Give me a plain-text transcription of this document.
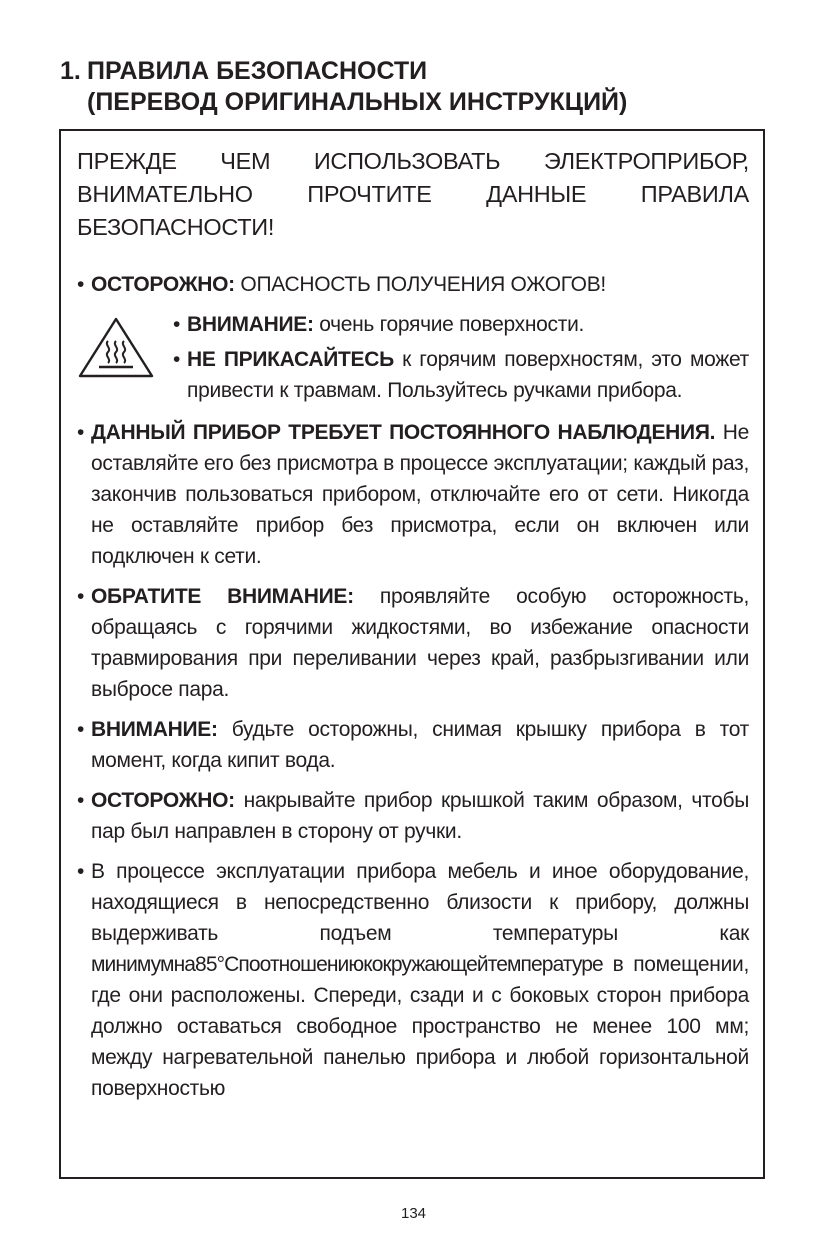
1. ПРАВИЛА БЕЗОПАСНОСТИ
(ПЕРЕВОД ОРИГИНАЛЬНЫХ ИНСТРУКЦИЙ)
ПРЕЖДЕ ЧЕМ ИСПОЛЬЗОВАТЬ ЭЛЕКТРОПРИБОР, ВНИМАТЕЛЬНО ПРОЧТИТЕ ДАННЫЕ ПРАВИЛА БЕЗОПАСНОСТИ!
• ОСТОРОЖНО: ОПАСНОСТЬ ПОЛУЧЕНИЯ ОЖОГОВ!
• ВНИМАНИЕ: очень горячие поверхности.
• НЕ ПРИКАСАЙТЕСЬ к горячим поверхностям, это может привести к травмам. Пользуйтесь ручками прибора.
• ДАННЫЙ ПРИБОР ТРЕБУЕТ ПОСТОЯННОГО НАБЛЮДЕНИЯ. Не оставляйте его без присмотра в процессе эксплуатации; каждый раз, закончив пользоваться прибором, отключайте его от сети. Никогда не оставляйте прибор без присмотра, если он включен или подключен к сети.
• ОБРАТИТЕ ВНИМАНИЕ: проявляйте особую осторожность, обращаясь с горячими жидкостями, во избежание опасности травмирования при переливании через край, разбрызгивании или выбросе пара.
• ВНИМАНИЕ: будьте осторожны, снимая крышку прибора в тот момент, когда кипит вода.
• ОСТОРОЖНО: накрывайте прибор крышкой таким образом, чтобы пар был направлен в сторону от ручки.
• В процессе эксплуатации прибора мебель и иное оборудование, находящиеся в непосредственно близости к прибору, должны выдерживать подъем температуры как минимумна85°Споотношениюкокружающейтемпературе в помещении, где они расположены. Спереди, сзади и с боковых сторон прибора должно оставаться свободное пространство не менее 100 мм; между нагревательной панелью прибора и любой горизонтальной поверхностью
134
